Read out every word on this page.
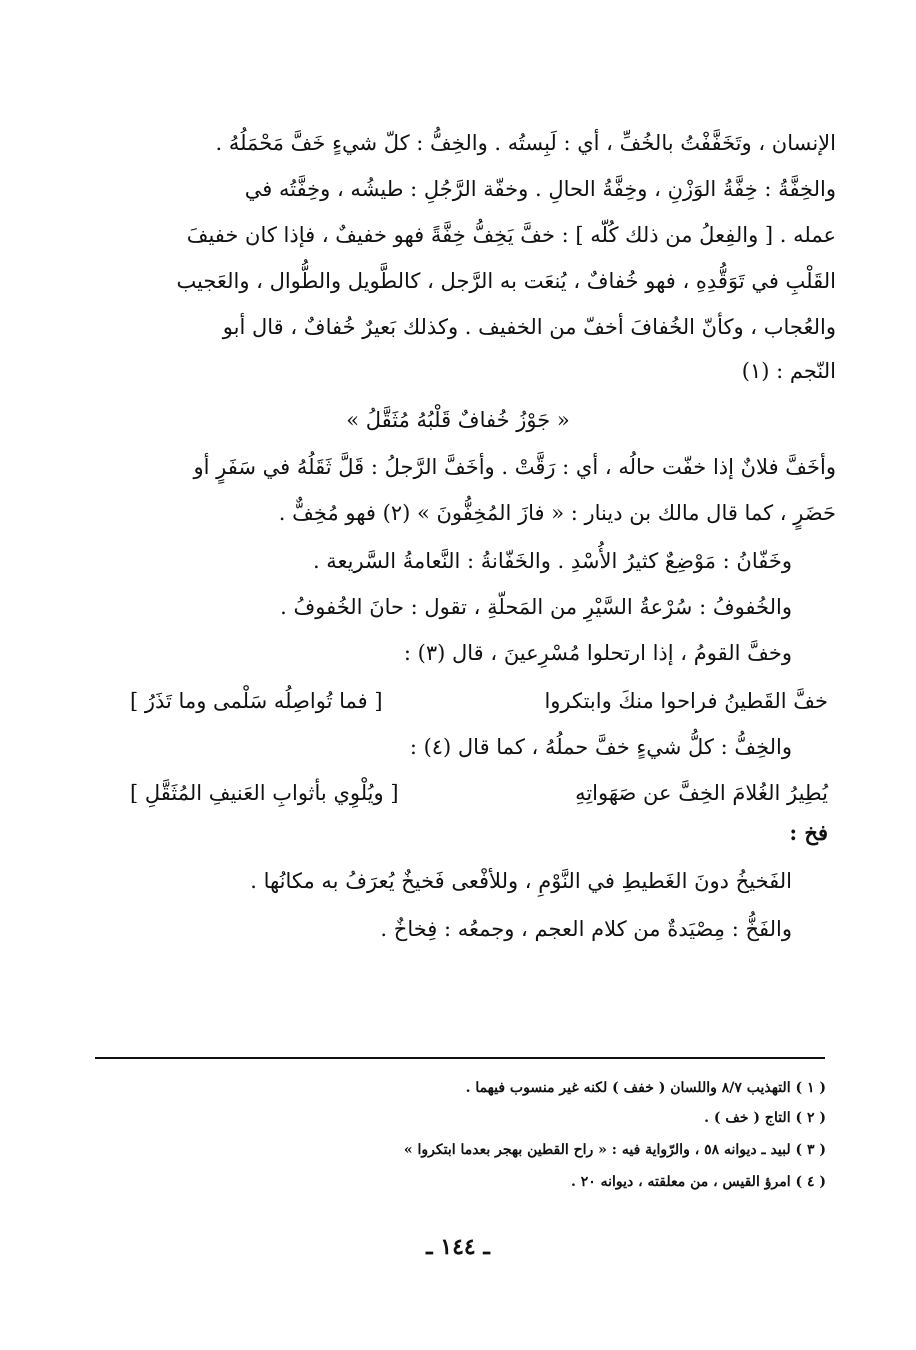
الإنسان ، وتَخَفَّفْتُ بالخُفِّ ، أي : لَبِستُه . والخِفُّ : كلّ شيءٍ خَفَّ مَحْمَلُهُ .
والخِفَّةُ : خِفَّةُ الوَزْنِ ، وخِفَّةُ الحالِ . وخفّة الرَّجُلِ : طيشُه ، وخِفَّتُه في
عمله . [ والفِعلُ من ذلك كُلّه ] : خفَّ يَخِفُّ خِفَّةً فهو خفيفٌ ، فإذا كان خفيفَ
القَلْبِ في تَوَقُّدِهِ ، فهو خُفافٌ ، يُنعَت به الرَّجل ، كالطَّويل والطُّوال ، والعَجيب
والعُجاب ، وكأنّ الخُفافَ أخفّ من الخفيف . وكذلك بَعيرٌ خُفافٌ ، قال أبو
النّجم : (١)
« جَوْزُ خُفافٌ قَلْبُهُ مُثَقَّلُ »
وأخَفَّ فلانٌ إذا خفّت حالُه ، أي : رَقَّتْ . وأخَفَّ الرَّجلُ : قَلَّ ثَقَلُهُ في سَفَرٍ أو
حَضَرٍ ، كما قال مالك بن دينار : « فازَ المُخِفُّونَ » (٢) فهو مُخِفٌّ .
وخَفّانُ : مَوْضِعٌ كثيرُ الأُسْدِ . والخَفّانةُ : النَّعامةُ السَّريعة .
والخُفوفُ : سُرْعةُ السَّيْرِ من المَحلّةِ ، تقول : حانَ الخُفوفُ .
وخفَّ القومُ ، إذا ارتحلوا مُسْرِعينَ ، قال (٣) :
خفَّ القَطينُ فراحوا منكَ وابتكروا
[ فما تُواصِلُه سَلْمى وما تَذَرُ ]
والخِفُّ : كلُّ شيءٍ خفَّ حملُهُ ، كما قال (٤) :
يُطِيرُ الغُلامَ الخِفَّ عن صَهَواتِهِ
[ ويُلْوِي بأثوابِ العَنيفِ المُثَقَّلِ ]
فخ :
الفَخيخُ دونَ الغَطيطِ في النَّوْمِ ، وللأفْعى فَخيخٌ يُعرَفُ به مكانُها .
والفَخُّ : مِصْيَدةٌ من كلام العجم ، وجمعُه : فِخاخٌ .
( ١ ) التهذيب ٨/٧ واللسان ( خفف ) لكنه غير منسوب فيهما .
( ٢ ) التاج ( خف ) .
( ٣ ) لبيد ـ ديوانه ٥٨ ، والرّواية فيه : « راح القطين بهجر بعدما ابتكروا »
( ٤ ) امرؤ القيس ، من معلقته ، ديوانه ٢٠ .
ـ ١٤٤ ـ
